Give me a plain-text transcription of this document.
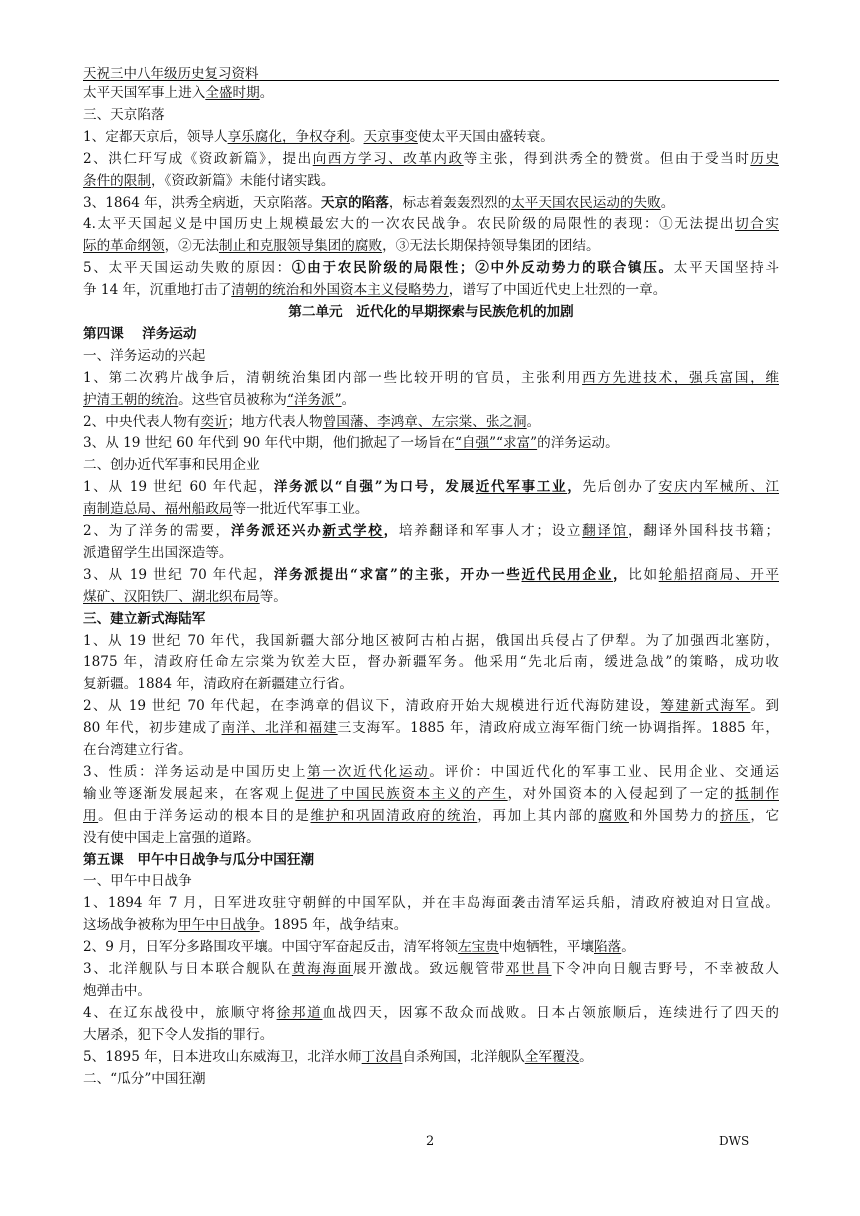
天祝三中八年级历史复习资料
太平天国军事上进入全盛时期。
三、天京陷落
1、定都天京后，领导人享乐腐化，争权夺利。天京事变使太平天国由盛转衰。
2、洪仁玕写成《资政新篇》，提出向西方学习、改革内政等主张，得到洪秀全的赞赏。但由于受当时历史
条件的限制，《资政新篇》未能付诸实践。
3、1864 年，洪秀全病逝，天京陷落。天京的陷落，标志着轰轰烈烈的太平天国农民运动的失败。
4.太平天国起义是中国历史上规模最宏大的一次农民战争。农民阶级的局限性的表现：①无法提出切合实
际的革命纲领，②无法制止和克服领导集团的腐败，③无法长期保持领导集团的团结。
5、太平天国运动失败的原因：①由于农民阶级的局限性；②中外反动势力的联合镇压。太平天国坚持斗
争 14 年，沉重地打击了清朝的统治和外国资本主义侵略势力，谱写了中国近代史上壮烈的一章。
第二单元　近代化的早期探索与民族危机的加剧
第四课　 洋务运动
一、洋务运动的兴起
1、第二次鸦片战争后，清朝统治集团内部一些比较开明的官员，主张利用西方先进技术，强兵富国，维
护清王朝的统治。这些官员被称为“洋务派”。
2、中央代表人物有奕䜣；地方代表人物曾国藩、李鸿章、左宗棠、张之洞。
3、从 19 世纪 60 年代到 90 年代中期，他们掀起了一场旨在“自强”“求富”的洋务运动。
二、创办近代军事和民用企业
1、从 19 世纪 60 年代起，洋务派以“自强”为口号，发展近代军事工业，先后创办了安庆内军械所、江
南制造总局、福州船政局等一批近代军事工业。
2、为了洋务的需要，洋务派还兴办新式学校，培养翻译和军事人才；设立翻译馆，翻译外国科技书籍；
派遣留学生出国深造等。
3、从 19 世纪 70 年代起，洋务派提出“求富”的主张，开办一些近代民用企业，比如轮船招商局、开平
煤矿、汉阳铁厂、湖北织布局等。
三、建立新式海陆军
1、从 19 世纪 70 年代，我国新疆大部分地区被阿古柏占据，俄国出兵侵占了伊犁。为了加强西北塞防，
1875 年，清政府任命左宗棠为钦差大臣，督办新疆军务。他采用“先北后南，缓进急战”的策略，成功收
复新疆。1884 年，清政府在新疆建立行省。
2、从 19 世纪 70 年代起，在李鸿章的倡议下，清政府开始大规模进行近代海防建设，筹建新式海军。到
80 年代，初步建成了南洋、北洋和福建三支海军。1885 年，清政府成立海军衙门统一协调指挥。1885 年，
在台湾建立行省。
3、性质：洋务运动是中国历史上第一次近代化运动。评价：中国近代化的军事工业、民用企业、交通运
输业等逐渐发展起来，在客观上促进了中国民族资本主义的产生，对外国资本的入侵起到了一定的抵制作
用。但由于洋务运动的根本目的是维护和巩固清政府的统治，再加上其内部的腐败和外国势力的挤压，它
没有使中国走上富强的道路。
第五课　甲午中日战争与瓜分中国狂潮
一、甲午中日战争
1、1894 年 7 月，日军进攻驻守朝鲜的中国军队，并在丰岛海面袭击清军运兵船，清政府被迫对日宣战。
这场战争被称为甲午中日战争。1895 年，战争结束。
2、9 月，日军分多路围攻平壤。中国守军奋起反击，清军将领左宝贵中炮牺牲，平壤陷落。
3、北洋舰队与日本联合舰队在黄海海面展开激战。致远舰管带邓世昌下令冲向日舰吉野号，不幸被敌人
炮弹击中。
4、在辽东战役中，旅顺守将徐邦道血战四天，因寡不敌众而战败。日本占领旅顺后，连续进行了四天的
大屠杀，犯下令人发指的罪行。
5、1895 年，日本进攻山东威海卫，北洋水师丁汝昌自杀殉国，北洋舰队全军覆没。
二、“瓜分”中国狂潮
2	DWS
